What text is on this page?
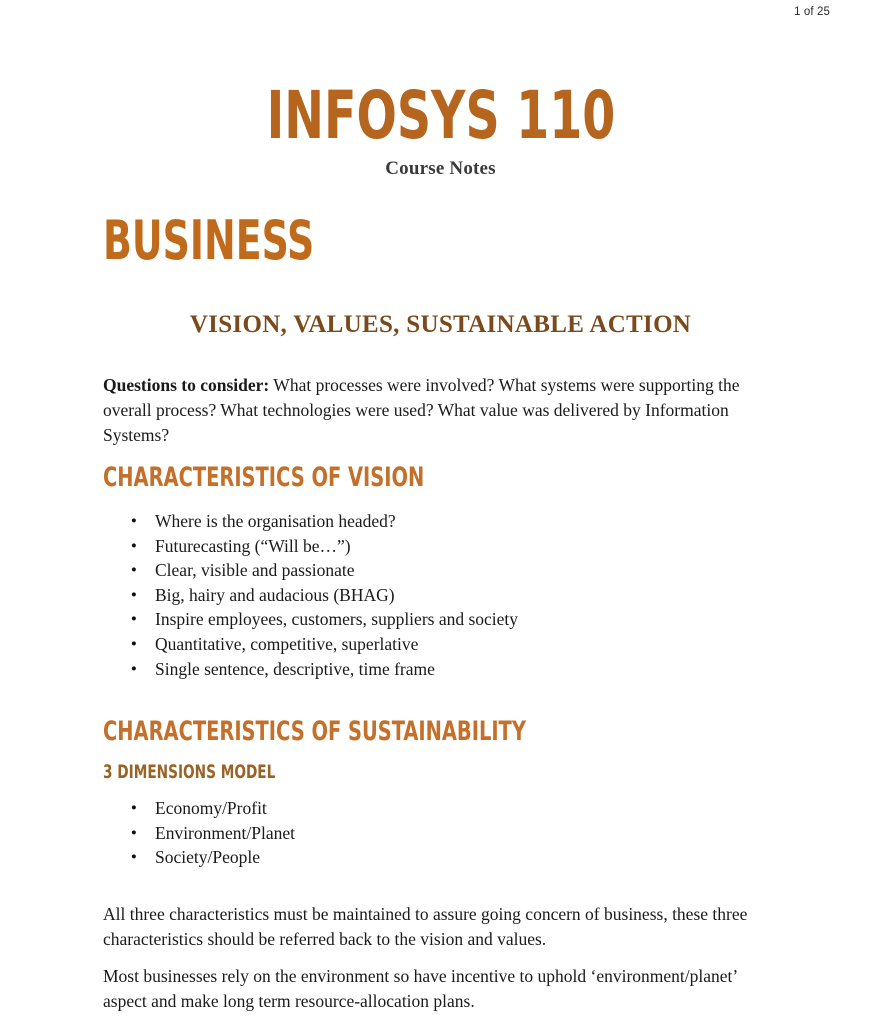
1 of 25
INFOSYS 110
Course Notes
BUSINESS
VISION, VALUES, SUSTAINABLE ACTION

Questions to consider: What processes were involved? What systems were supporting the overall process? What technologies were used? What value was delivered by Information Systems?

CHARACTERISTICS OF VISION
● Where is the organisation headed?
● Futurecasting (“Will be…”)
● Clear, visible and passionate
● Big, hairy and audacious (BHAG)
● Inspire employees, customers, suppliers and society
● Quantitative, competitive, superlative
● Single sentence, descriptive, time frame
CHARACTERISTICS OF SUSTAINABILITY
3 DIMENSIONS MODEL
● Economy/Profit
● Environment/Planet
● Society/People

All three characteristics must be maintained to assure going concern of business, these three characteristics should be referred back to the vision and values.

Most businesses rely on the environment so have incentive to uphold ‘environment/planet’ aspect and make long term resource-allocation plans.
